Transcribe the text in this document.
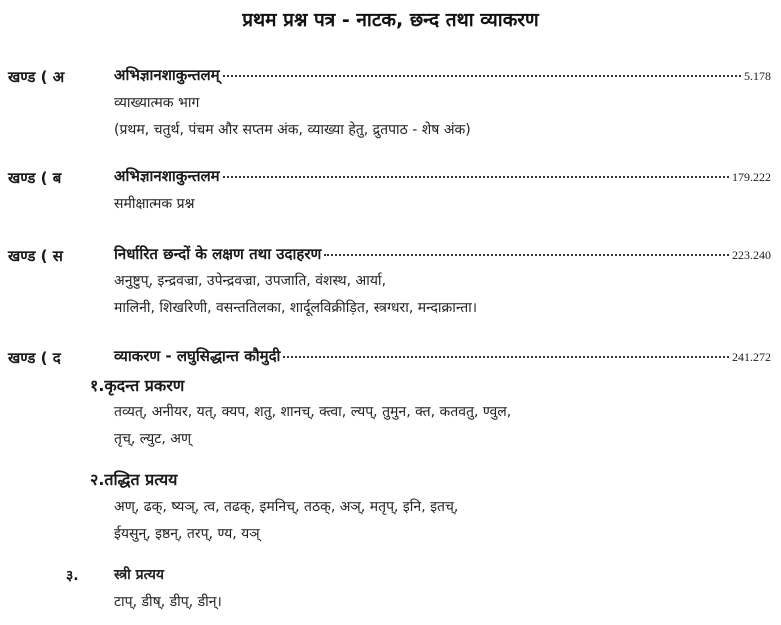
प्रथम प्रश्न पत्र - नाटक, छन्द तथा व्याकरण
खण्ड ( अ	अभिज्ञानशाकुन्तलम्	5.178
व्याख्यात्मक भाग
(प्रथम, चतुर्थ, पंचम और सप्तम अंक, व्याख्या हेतु, द्रुतपाठ - शेष अंक)
खण्ड ( ब	अभिज्ञानशाकुन्तलम	179.222
समीक्षात्मक प्रश्न
खण्ड ( स	निर्धारित छन्दों के लक्षण तथा उदाहरण	223.240
अनुष्टुप्, इन्द्रवज्रा, उपेन्द्रवज्रा, उपजाति, वंशस्थ, आर्या,
मालिनी, शिखरिणी, वसन्ततिलका, शार्दूलविक्रीड़ित, स्त्रग्धरा, मन्दाक्रान्ता।
खण्ड ( द	व्याकरण - लघुसिद्धान्त कौमुदी	241.272
१.कृदन्त प्रकरण
तव्यत्, अनीयर, यत्, क्यप, शतु, शानच्, क्त्वा, ल्यप्, तुमुन, क्त, कतवतु, ण्वुल,
तृच्, ल्युट, अण्
२.तद्धित प्रत्यय
अण्, ढक्, ष्यञ्, त्व, तढक्, इमनिच्, तठक्, अञ्, मतृप्, इनि, इतच्,
ईयसुन्, इष्ठन्, तरप्, ण्य, यञ्
३.	स्त्री प्रत्यय
टाप्, डीष्, डीप्, डीन्।
